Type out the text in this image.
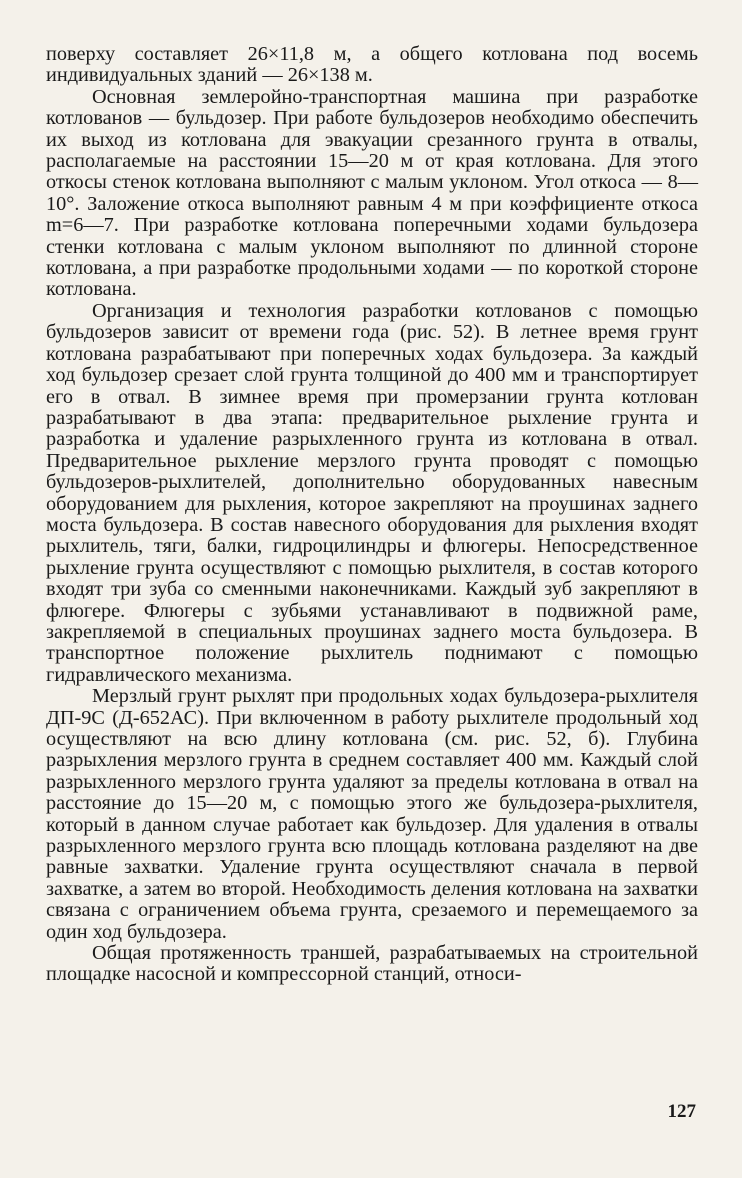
поверху составляет 26×11,8 м, а общего котлована под восемь индивидуальных зданий — 26×138 м.

Основная землеройно-транспортная машина при разработке котлованов — бульдозер. При работе бульдозеров необходимо обеспечить их выход из котлована для эвакуации срезанного грунта в отвалы, располагаемые на расстоянии 15—20 м от края котлована. Для этого откосы стенок котлована выполняют с малым уклоном. Угол откоса — 8—10°. Заложение откоса выполняют равным 4 м при коэффициенте откоса m=6—7. При разработке котлована поперечными ходами бульдозера стенки котлована с малым уклоном выполняют по длинной стороне котлована, а при разработке продольными ходами — по короткой стороне котлована.

Организация и технология разработки котлованов с помощью бульдозеров зависит от времени года (рис. 52). В летнее время грунт котлована разрабатывают при поперечных ходах бульдозера. За каждый ход бульдозер срезает слой грунта толщиной до 400 мм и транспортирует его в отвал. В зимнее время при промерзании грунта котлован разрабатывают в два этапа: предварительное рыхление грунта и разработка и удаление разрыхленного грунта из котлована в отвал. Предварительное рыхление мерзлого грунта проводят с помощью бульдозеров-рыхлителей, дополнительно оборудованных навесным оборудованием для рыхления, которое закрепляют на проушинах заднего моста бульдозера. В состав навесного оборудования для рыхления входят рыхлитель, тяги, балки, гидроцилиндры и флюгеры. Непосредственное рыхление грунта осуществляют с помощью рыхлителя, в состав которого входят три зуба со сменными наконечниками. Каждый зуб закрепляют в флюгере. Флюгеры с зубьями устанавливают в подвижной раме, закрепляемой в специальных проушинах заднего моста бульдозера. В транспортное положение рыхлитель поднимают с помощью гидравлического механизма.

Мерзлый грунт рыхлят при продольных ходах бульдозера-рыхлителя ДП-9С (Д-652АС). При включенном в работу рыхлителе продольный ход осуществляют на всю длину котлована (см. рис. 52, б). Глубина разрыхления мерзлого грунта в среднем составляет 400 мм. Каждый слой разрыхленного мерзлого грунта удаляют за пределы котлована в отвал на расстояние до 15—20 м, с помощью этого же бульдозера-рыхлителя, который в данном случае работает как бульдозер. Для удаления в отвалы разрыхленного мерзлого грунта всю площадь котлована разделяют на две равные захватки. Удаление грунта осуществляют сначала в первой захватке, а затем во второй. Необходимость деления котлована на захватки связана с ограничением объема грунта, срезаемого и перемещаемого за один ход бульдозера.

Общая протяженность траншей, разрабатываемых на строительной площадке насосной и компрессорной станций, относи-

127
